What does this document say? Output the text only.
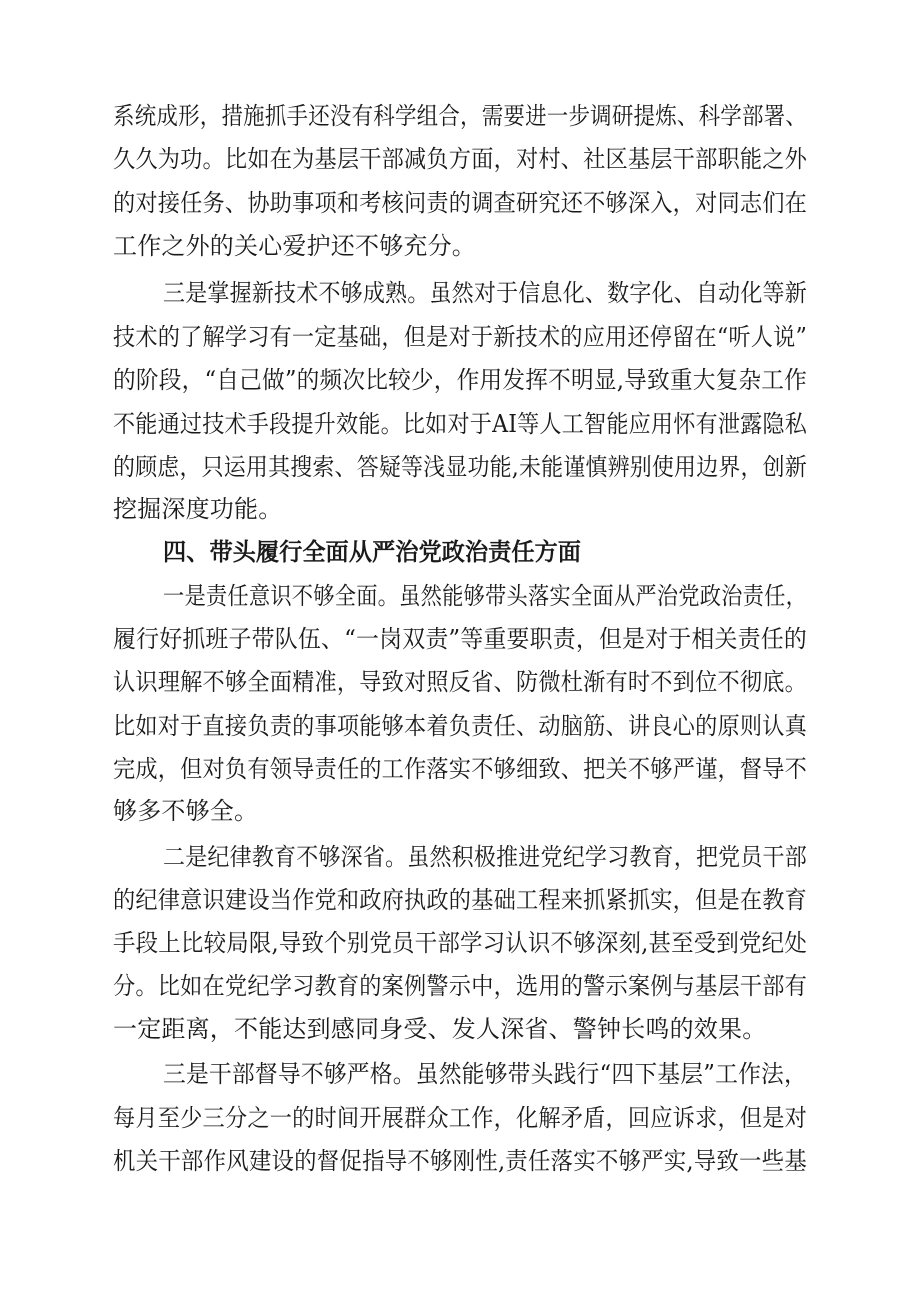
系统成形，措施抓手还没有科学组合，需要进一步调研提炼、科学部署、
久久为功。比如在为基层干部减负方面，对村、社区基层干部职能之外
的对接任务、协助事项和考核问责的调查研究还不够深入，对同志们在
工作之外的关心爱护还不够充分。
三是掌握新技术不够成熟。虽然对于信息化、数字化、自动化等新
技术的了解学习有一定基础，但是对于新技术的应用还停留在“听人说”
的阶段，“自己做”的频次比较少，作用发挥不明显,导致重大复杂工作
不能通过技术手段提升效能。比如对于AI等人工智能应用怀有泄露隐私
的顾虑，只运用其搜索、答疑等浅显功能,未能谨慎辨别使用边界，创新
挖掘深度功能。
四、带头履行全面从严治党政治责任方面
一是责任意识不够全面。虽然能够带头落实全面从严治党政治责任，
履行好抓班子带队伍、“一岗双责”等重要职责，但是对于相关责任的
认识理解不够全面精准，导致对照反省、防微杜渐有时不到位不彻底。
比如对于直接负责的事项能够本着负责任、动脑筋、讲良心的原则认真
完成，但对负有领导责任的工作落实不够细致、把关不够严谨，督导不
够多不够全。
二是纪律教育不够深省。虽然积极推进党纪学习教育，把党员干部
的纪律意识建设当作党和政府执政的基础工程来抓紧抓实，但是在教育
手段上比较局限,导致个别党员干部学习认识不够深刻,甚至受到党纪处
分。比如在党纪学习教育的案例警示中，选用的警示案例与基层干部有
一定距离，不能达到感同身受、发人深省、警钟长鸣的效果。
三是干部督导不够严格。虽然能够带头践行“四下基层”工作法，
每月至少三分之一的时间开展群众工作，化解矛盾，回应诉求，但是对
机关干部作风建设的督促指导不够刚性,责任落实不够严实,导致一些基
